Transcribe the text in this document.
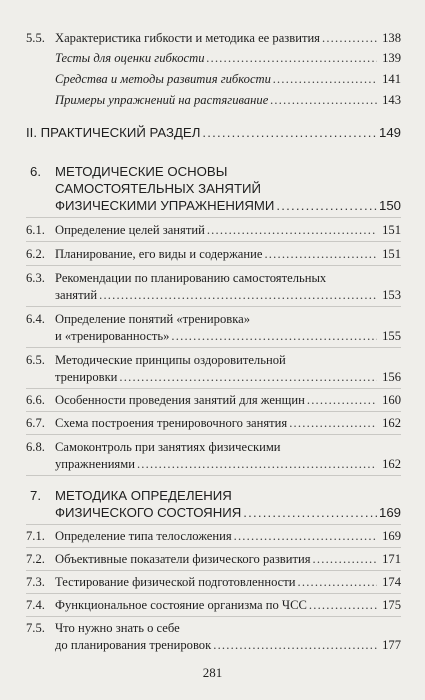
5.5. Характеристика гибкости и методика ее развития .....	138
Тесты для оценки гибкости .....	139
Средства и методы развития гибкости .....	141
Примеры упражнений на растягивание .....	143
II. ПРАКТИЧЕСКИЙ РАЗДЕЛ .....	149
6.	МЕТОДИЧЕСКИЕ ОСНОВЫ
САМОСТОЯТЕЛЬНЫХ ЗАНЯТИЙ
ФИЗИЧЕСКИМИ УПРАЖНЕНИЯМИ .....	150
6.1. Определение целей занятий .....	151
6.2. Планирование, его виды и содержание .....	151
6.3. Рекомендации по планированию самостоятельных
занятий .....	153
6.4. Определение понятий «тренировка»
и «тренированность» .....	155
6.5. Методические принципы оздоровительной
тренировки .....	156
6.6. Особенности проведения занятий для женщин .....	160
6.7. Схема построения тренировочного занятия .....	162
6.8. Самоконтроль при занятиях физическими
упражнениями .....	162
7.	МЕТОДИКА ОПРЕДЕЛЕНИЯ
ФИЗИЧЕСКОГО СОСТОЯНИЯ .....	169
7.1. Определение типа телосложения .....	169
7.2. Объективные показатели физического развития .....	171
7.3. Тестирование физической подготовленности .....	174
7.4. Функциональное состояние организма по ЧСС .....	175
7.5. Что нужно знать о себе
до планирования тренировок .....	177
281
